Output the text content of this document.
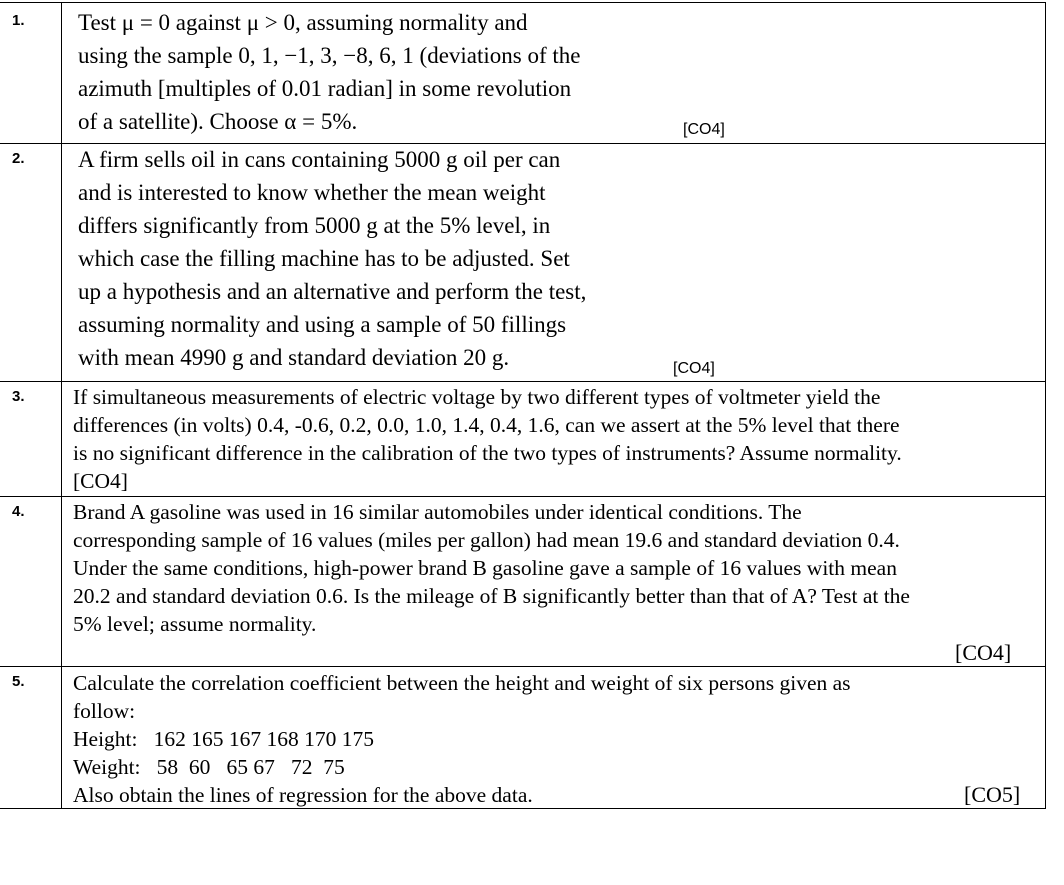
1. Test μ = 0 against μ > 0, assuming normality and
using the sample 0, 1, −1, 3, −8, 6, 1 (deviations of the
azimuth [multiples of 0.01 radian] in some revolution
of a satellite). Choose α = 5%.	[CO4]
2. A firm sells oil in cans containing 5000 g oil per can
and is interested to know whether the mean weight
differs significantly from 5000 g at the 5% level, in
which case the filling machine has to be adjusted. Set
up a hypothesis and an alternative and perform the test,
assuming normality and using a sample of 50 fillings
with mean 4990 g and standard deviation 20 g.	[CO4]
3. If simultaneous measurements of electric voltage by two different types of voltmeter yield the
differences (in volts) 0.4, -0.6, 0.2, 0.0, 1.0, 1.4, 0.4, 1.6, can we assert at the 5% level that there
is no significant difference in the calibration of the two types of instruments? Assume normality.
[CO4]
4. Brand A gasoline was used in 16 similar automobiles under identical conditions. The
corresponding sample of 16 values (miles per gallon) had mean 19.6 and standard deviation 0.4.
Under the same conditions, high-power brand B gasoline gave a sample of 16 values with mean
20.2 and standard deviation 0.6. Is the mileage of B significantly better than that of A? Test at the
5% level; assume normality.
[CO4]
5. Calculate the correlation coefficient between the height and weight of six persons given as
follow:
Height: 162 165 167 168 170 175
Weight: 58  60   65 67   72  75
Also obtain the lines of regression for the above data.	[CO5]
